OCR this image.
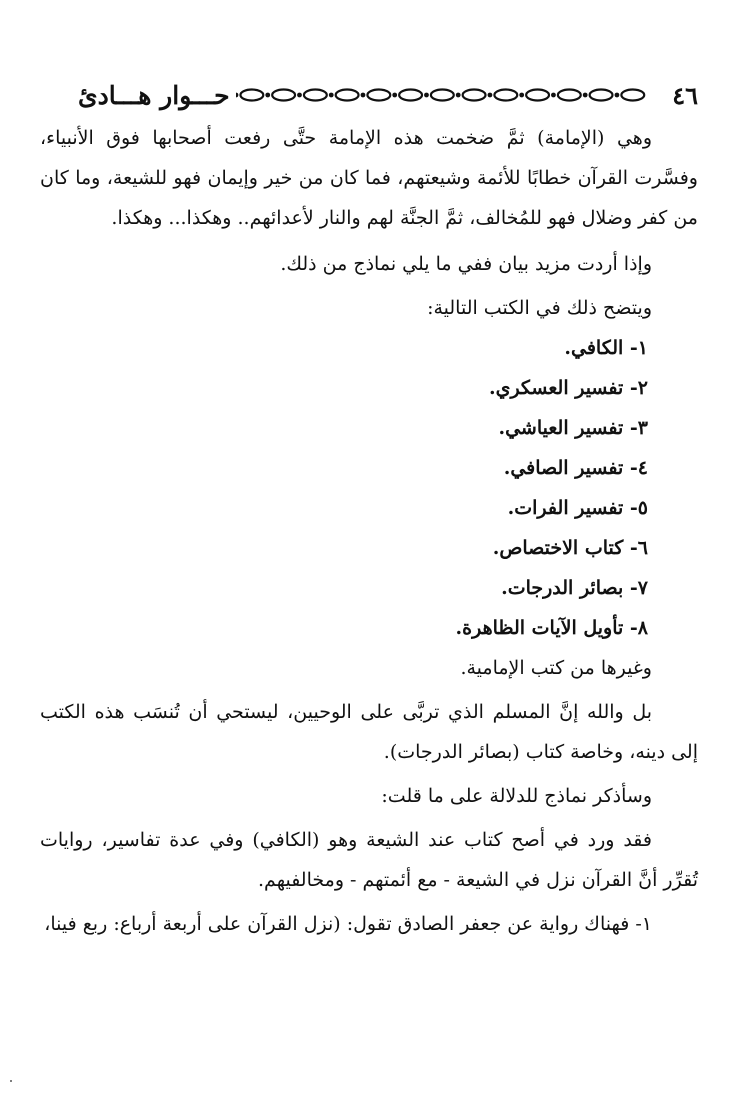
٤٦
حـــوار هـــادئ

وهي (الإمامة) ثمَّ ضخمت هذه الإمامة حتَّى رفعت أصحابها فوق الأنبياء، وفسَّرت القرآن خطابًا للأئمة وشيعتهم، فما كان من خير وإيمان فهو للشيعة، وما كان من كفر وضلال فهو للمُخالف، ثمَّ الجنَّة لهم والنار لأعدائهم.. وهكذا... وهكذا.

وإذا أردت مزيد بيان ففي ما يلي نماذج من ذلك.

ويتضح ذلك في الكتب التالية:

١- الكافي.

٢- تفسير العسكري.

٣- تفسير العياشي.

٤- تفسير الصافي.

٥- تفسير الفرات.

٦- كتاب الاختصاص.

٧- بصائر الدرجات.

٨- تأويل الآيات الظاهرة.

وغيرها من كتب الإمامية.

بل والله إنَّ المسلم الذي تربَّى على الوحيين، ليستحي أن تُنسَب هذه الكتب إلى دينه، وخاصة كتاب (بصائر الدرجات).

وسأذكر نماذج للدلالة على ما قلت:

فقد ورد في أصح كتاب عند الشيعة وهو (الكافي) وفي عدة تفاسير، روايات تُقرِّر أنَّ القرآن نزل في الشيعة - مع أئمتهم - ومخالفيهم.

١- فهناك رواية عن جعفر الصادق تقول: (نزل القرآن على أربعة أرباع: ربع فينا،
